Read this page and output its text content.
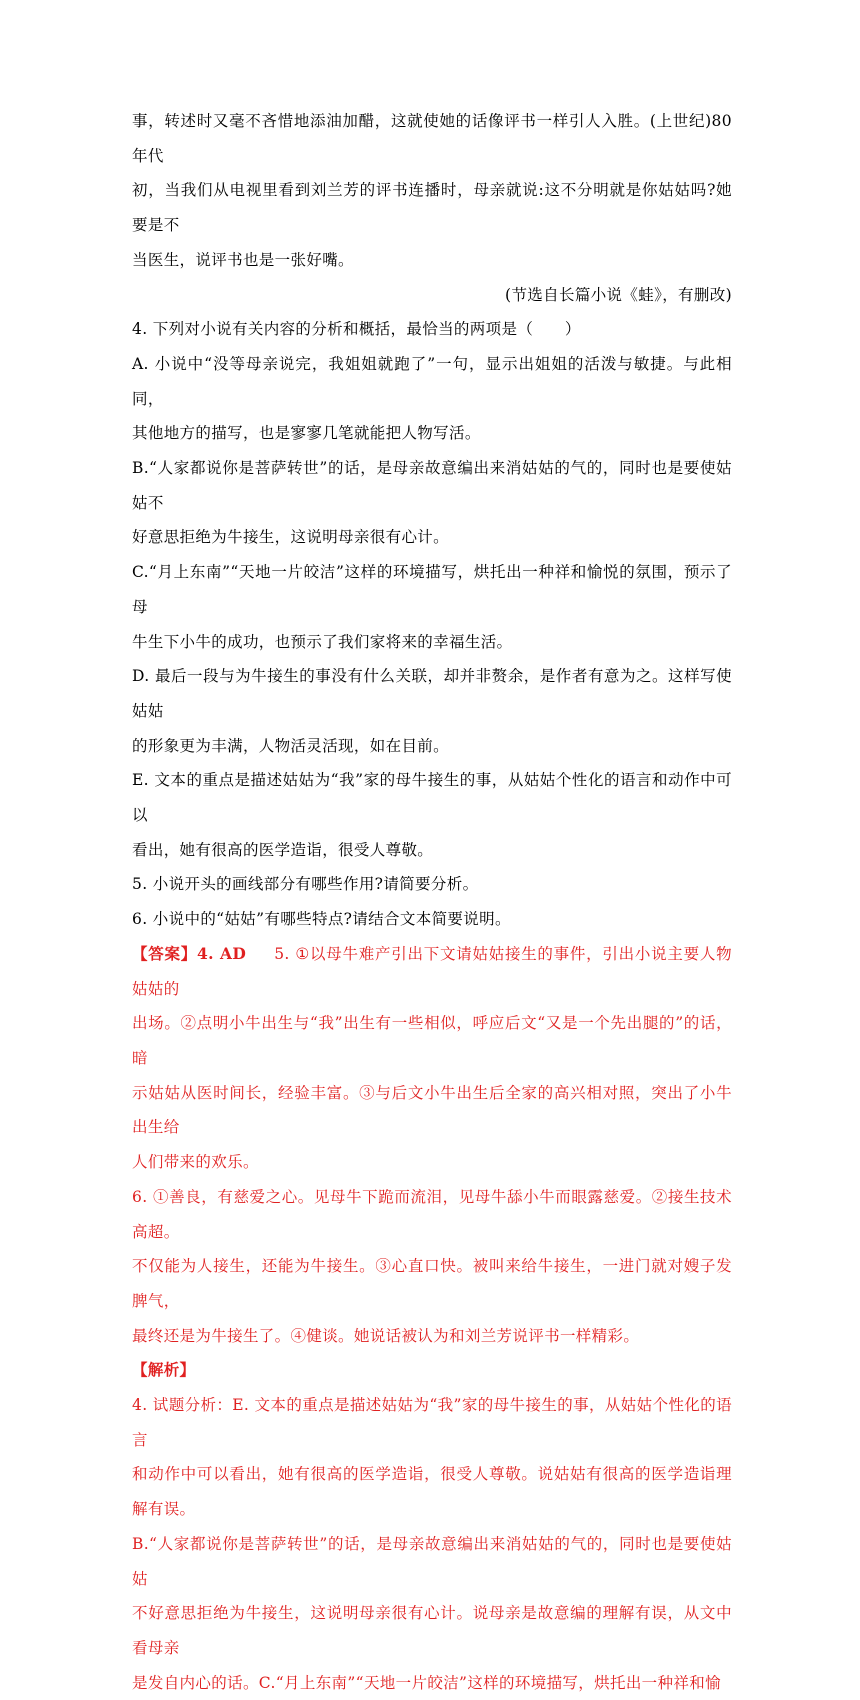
事，转述时又毫不吝惜地添油加醋，这就使她的话像评书一样引人入胜。(上世纪)80 年代

初，当我们从电视里看到刘兰芳的评书连播时，母亲就说:这不分明就是你姑姑吗?她要是不

当医生，说评书也是一张好嘴。

(节选自长篇小说《蛙》，有删改)

4. 下列对小说有关内容的分析和概括，最恰当的两项是（　　）

A. 小说中“没等母亲说完，我姐姐就跑了”一句，显示出姐姐的活泼与敏捷。与此相同，

其他地方的描写，也是寥寥几笔就能把人物写活。

B.“人家都说你是菩萨转世”的话，是母亲故意编出来消姑姑的气的，同时也是要使姑姑不

好意思拒绝为牛接生，这说明母亲很有心计。

C.“月上东南”“天地一片皎洁”这样的环境描写，烘托出一种祥和愉悦的氛围，预示了母

牛生下小牛的成功，也预示了我们家将来的幸福生活。

D. 最后一段与为牛接生的事没有什么关联，却并非赘余，是作者有意为之。这样写使姑姑

的形象更为丰满，人物活灵活现，如在目前。

E. 文本的重点是描述姑姑为“我”家的母牛接生的事，从姑姑个性化的语言和动作中可以

看出，她有很高的医学造诣，很受人尊敬。

5. 小说开头的画线部分有哪些作用?请简要分析。

6. 小说中的“姑姑”有哪些特点?请结合文本简要说明。

【答案】4. AD 5. ①以母牛难产引出下文请姑姑接生的事件，引出小说主要人物姑姑的

出场。②点明小牛出生与“我”出生有一些相似，呼应后文“又是一个先出腿的”的话，暗

示姑姑从医时间长，经验丰富。③与后文小牛出生后全家的高兴相对照，突出了小牛出生给

人们带来的欢乐。

6. ①善良，有慈爱之心。见母牛下跪而流泪，见母牛舔小牛而眼露慈爱。②接生技术高超。

不仅能为人接生，还能为牛接生。③心直口快。被叫来给牛接生，一进门就对嫂子发脾气，

最终还是为牛接生了。④健谈。她说话被认为和刘兰芳说评书一样精彩。

【解析】

4. 试题分析：E. 文本的重点是描述姑姑为“我”家的母牛接生的事，从姑姑个性化的语言

和动作中可以看出，她有很高的医学造诣，很受人尊敬。说姑姑有很高的医学造诣理解有误。

B.“人家都说你是菩萨转世”的话，是母亲故意编出来消姑姑的气的，同时也是要使姑姑

不好意思拒绝为牛接生，这说明母亲很有心计。说母亲是故意编的理解有误，从文中看母亲

是发自内心的话。C.“月上东南”“天地一片皎洁”这样的环境描写，烘托出一种祥和愉
